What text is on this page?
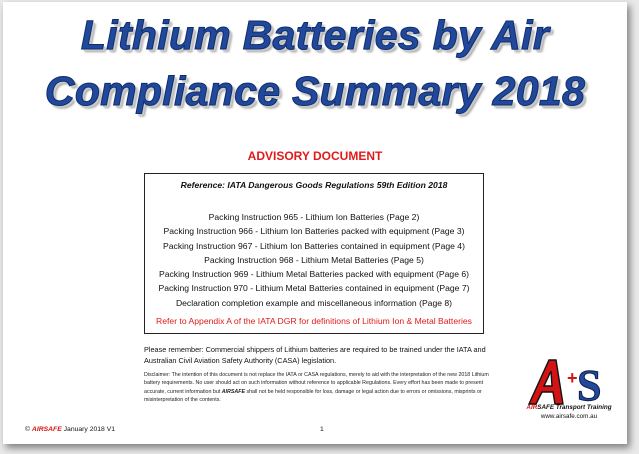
Lithium Batteries by Air
Compliance Summary 2018
ADVISORY DOCUMENT
Reference: IATA Dangerous Goods Regulations 59th Edition 2018
Packing Instruction 965 - Lithium Ion Batteries (Page 2)
Packing Instruction 966 - Lithium Ion Batteries packed with equipment (Page 3)
Packing Instruction 967 - Lithium Ion Batteries contained in equipment (Page 4)
Packing Instruction 968 - Lithium Metal Batteries (Page 5)
Packing Instruction 969 - Lithium Metal Batteries packed with equipment (Page 6)
Packing Instruction 970 - Lithium Metal Batteries contained in equipment (Page 7)
Declaration completion example and miscellaneous information (Page 8)
Refer to Appendix A of the IATA DGR for definitions of Lithium Ion & Metal Batteries
Please remember: Commercial shippers of Lithium batteries are required to be trained under the IATA and Australian Civil Aviation Safety Authority (CASA) legislation.
Disclaimer: The intention of this document is not replace the IATA or CASA regulations, merely to aid with the interpretation of the new 2018 Lithium battery requirements. No user should act on such information without reference to applicable Regulations. Every effort has been made to present accurate, current information but AIRSAFE shall not be held responsible for loss, damage or legal action due to errors or omissions, misprints or misinterpretation of the contents.
+ S
AIRSAFE Transport Training
www.airsafe.com.au
© AIRSAFE January 2018 V1	1
